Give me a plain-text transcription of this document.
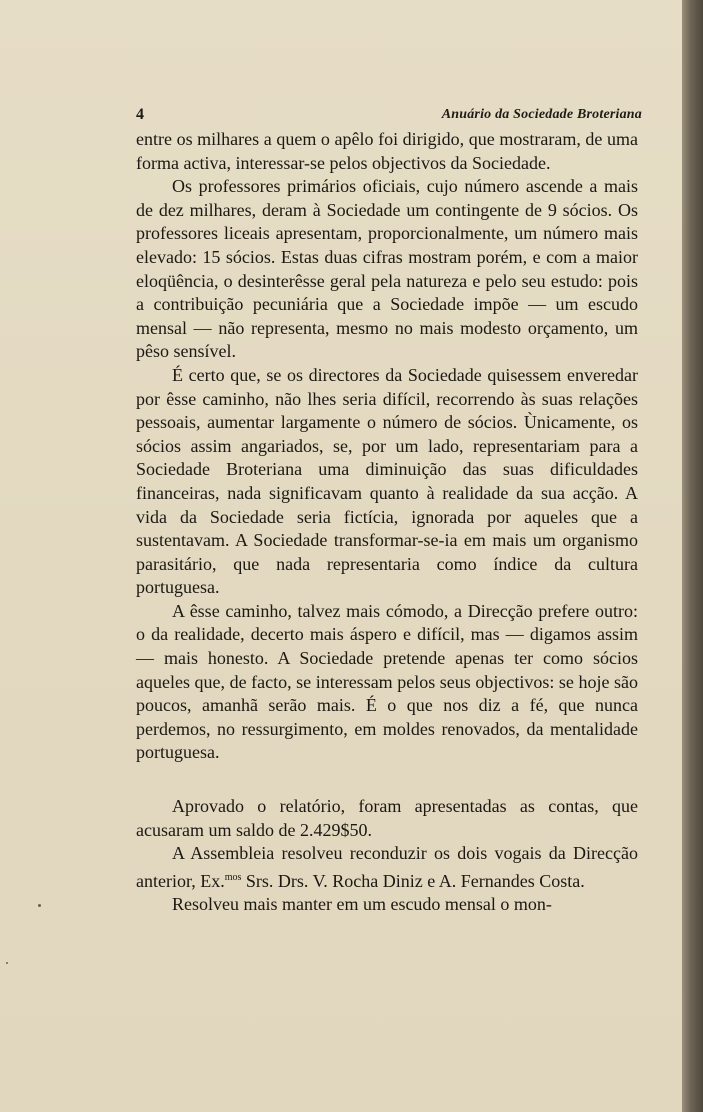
4	Anuário da Sociedade Broteriana

entre os milhares a quem o apêlo foi dirigido, que mostraram, de uma forma activa, interessar-se pelos objectivos da Sociedade.

Os professores primários oficiais, cujo número ascende a mais de dez milhares, deram à Sociedade um contingente de 9 sócios. Os professores liceais apresentam, proporcionalmente, um número mais elevado: 15 sócios. Estas duas cifras mostram porém, e com a maior eloqüência, o desinterêsse geral pela natureza e pelo seu estudo: pois a contribuição pecuniária que a Sociedade impõe — um escudo mensal — não representa, mesmo no mais modesto orçamento, um pêso sensível.

É certo que, se os directores da Sociedade quisessem enveredar por êsse caminho, não lhes seria difícil, recorrendo às suas relações pessoais, aumentar largamente o número de sócios. Ùnicamente, os sócios assim angariados, se, por um lado, representariam para a Sociedade Broteriana uma diminuição das suas dificuldades financeiras, nada significavam quanto à realidade da sua acção. A vida da Sociedade seria fictícia, ignorada por aqueles que a sustentavam. A Sociedade transformar-se-ia em mais um organismo parasitário, que nada representaria como índice da cultura portuguesa.

A êsse caminho, talvez mais cómodo, a Direcção prefere outro: o da realidade, decerto mais áspero e difícil, mas — digamos assim — mais honesto. A Sociedade pretende apenas ter como sócios aqueles que, de facto, se interessam pelos seus objectivos: se hoje são poucos, amanhã serão mais. É o que nos diz a fé, que nunca perdemos, no ressurgimento, em moldes renovados, da mentalidade portuguesa.

Aprovado o relatório, foram apresentadas as contas, que acusaram um saldo de 2.429$50.

A Assembleia resolveu reconduzir os dois vogais da Direcção anterior, Ex.$^{mos}$ Srs. Drs. V. Rocha Diniz e A. Fernandes Costa.

Resolveu mais manter em um escudo mensal o mon-
